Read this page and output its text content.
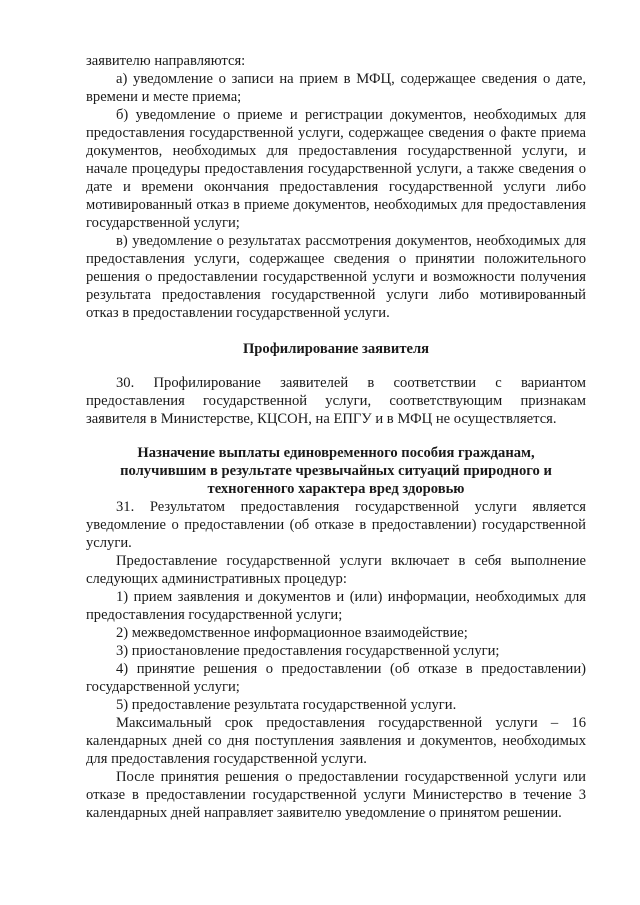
заявителю направляются:

а) уведомление о записи на прием в МФЦ, содержащее сведения о дате, времени и месте приема;

б) уведомление о приеме и регистрации документов, необходимых для предоставления государственной услуги, содержащее сведения о факте приема документов, необходимых для предоставления государственной услуги, и начале процедуры предоставления государственной услуги, а также сведения о дате и времени окончания предоставления государственной услуги либо мотивированный отказ в приеме документов, необходимых для предоставления государственной услуги;

в) уведомление о результатах рассмотрения документов, необходимых для предоставления услуги, содержащее сведения о принятии положительного решения о предоставлении государственной услуги и возможности получения результата предоставления государственной услуги либо мотивированный отказ в предоставлении государственной услуги.

Профилирование заявителя

30. Профилирование заявителей в соответствии с вариантом предоставления государственной услуги, соответствующим признакам заявителя в Министерстве, КЦСОН, на ЕПГУ и в МФЦ не осуществляется.

Назначение выплаты единовременного пособия гражданам, получившим в результате чрезвычайных ситуаций природного и техногенного характера вред здоровью

31. Результатом предоставления государственной услуги является уведомление о предоставлении (об отказе в предоставлении) государственной услуги.

Предоставление государственной услуги включает в себя выполнение следующих административных процедур:

1) прием заявления и документов и (или) информации, необходимых для предоставления государственной услуги;

2) межведомственное информационное взаимодействие;

3) приостановление предоставления государственной услуги;

4) принятие решения о предоставлении (об отказе в предоставлении) государственной услуги;

5) предоставление результата государственной услуги.

Максимальный срок предоставления государственной услуги – 16 календарных дней со дня поступления заявления и документов, необходимых для предоставления государственной услуги.

После принятия решения о предоставлении государственной услуги или отказе в предоставлении государственной услуги Министерство в течение 3 календарных дней направляет заявителю уведомление о принятом решении.
